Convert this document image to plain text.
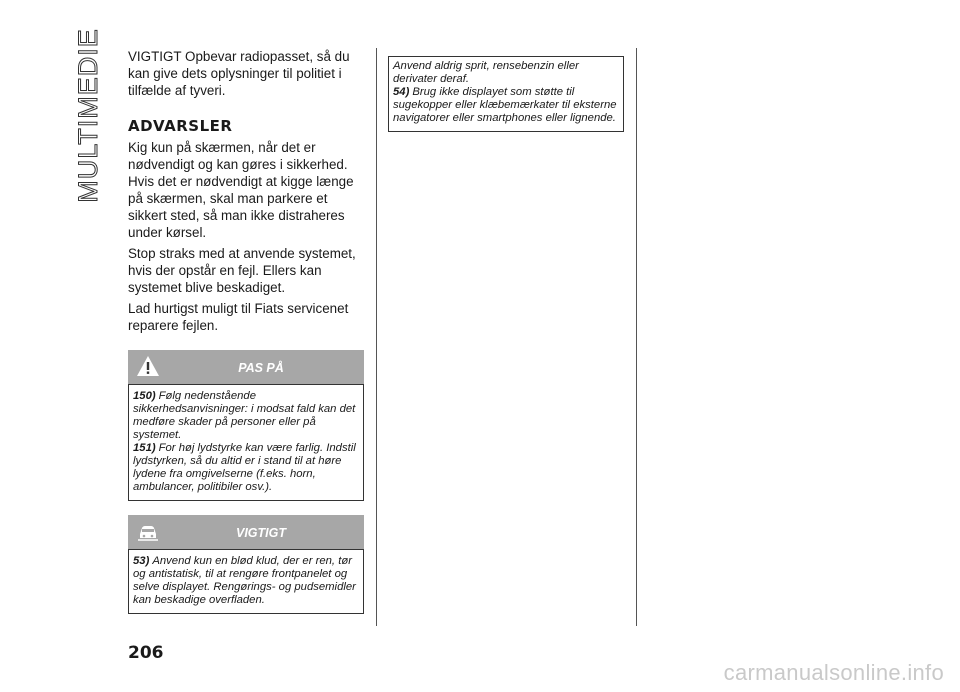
MULTIMEDIE VIGTIGT Opbevar radiopasset, så du kan give dets oplysninger til politiet i tilfælde af tyveri.

ADVARSLER

Kig kun på skærmen, når det er nødvendigt og kan gøres i sikkerhed. Hvis det er nødvendigt at kigge længe på skærmen, skal man parkere et sikkert sted, så man ikke distraheres under kørsel.

Stop straks med at anvende systemet, hvis der opstår en fejl. Ellers kan systemet blive beskadiget.

Lad hurtigst muligt til Fiats servicenet reparere fejlen.

PAS PÅ

150) Følg nedenstående sikkerhedsanvisninger: i modsat fald kan det medføre skader på personer eller på systemet.

151) For høj lydstyrke kan være farlig. Indstil lydstyrken, så du altid er i stand til at høre lydene fra omgivelserne (f.eks. horn, ambulancer, politibiler osv.).

VIGTIGT

53) Anvend kun en blød klud, der er ren, tør og antistatisk, til at rengøre frontpanelet og selve displayet. Rengørings- og pudsemidler kan beskadige overfladen.

Anvend aldrig sprit, rensebenzin eller derivater deraf.

54) Brug ikke displayet som støtte til sugekopper eller klæbemærkater til eksterne navigatorer eller smartphones eller lignende.

206
carmanualsonline.info
